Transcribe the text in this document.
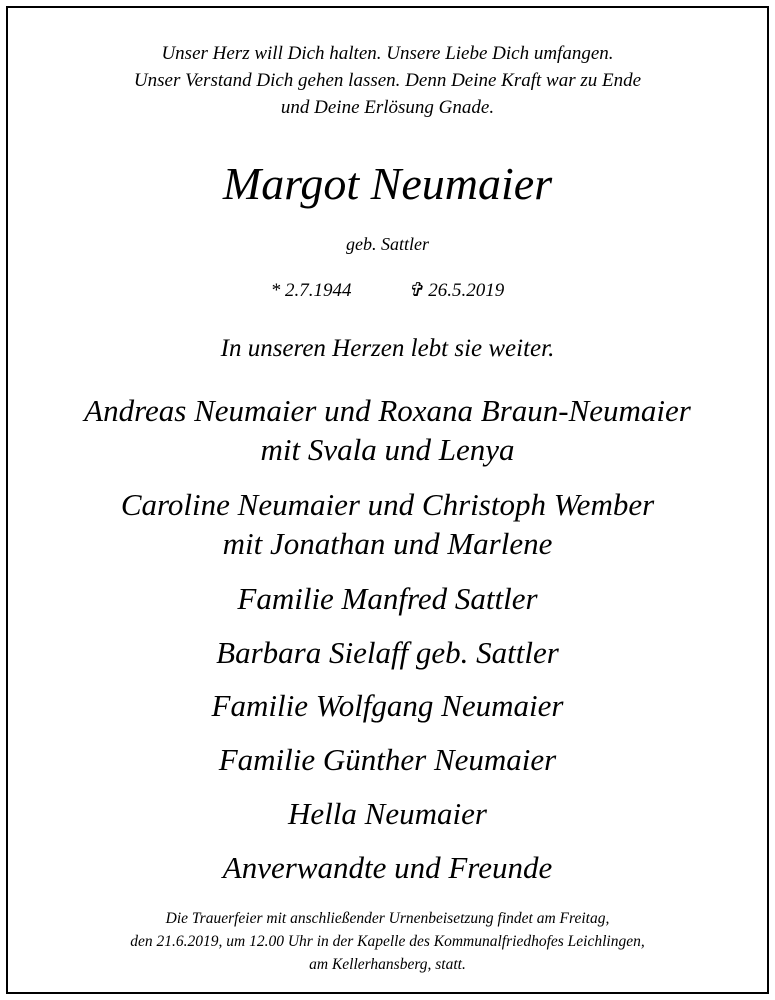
Unser Herz will Dich halten. Unsere Liebe Dich umfangen.

Unser Verstand Dich gehen lassen. Denn Deine Kraft war zu Ende

und Deine Erlösung Gnade.

Margot Neumaier

geb. Sattler

* 2.7.1944	✞ 26.5.2019

In unseren Herzen lebt sie weiter.

Andreas Neumaier und Roxana Braun-Neumaier

mit Svala und Lenya

Caroline Neumaier und Christoph Wember

mit Jonathan und Marlene

Familie Manfred Sattler

Barbara Sielaff geb. Sattler

Familie Wolfgang Neumaier

Familie Günther Neumaier

Hella Neumaier

Anverwandte und Freunde

Die Trauerfeier mit anschließender Urnenbeisetzung findet am Freitag,

den 21.6.2019, um 12.00 Uhr in der Kapelle des Kommunalfriedhofes Leichlingen,

am Kellerhansberg, statt.
